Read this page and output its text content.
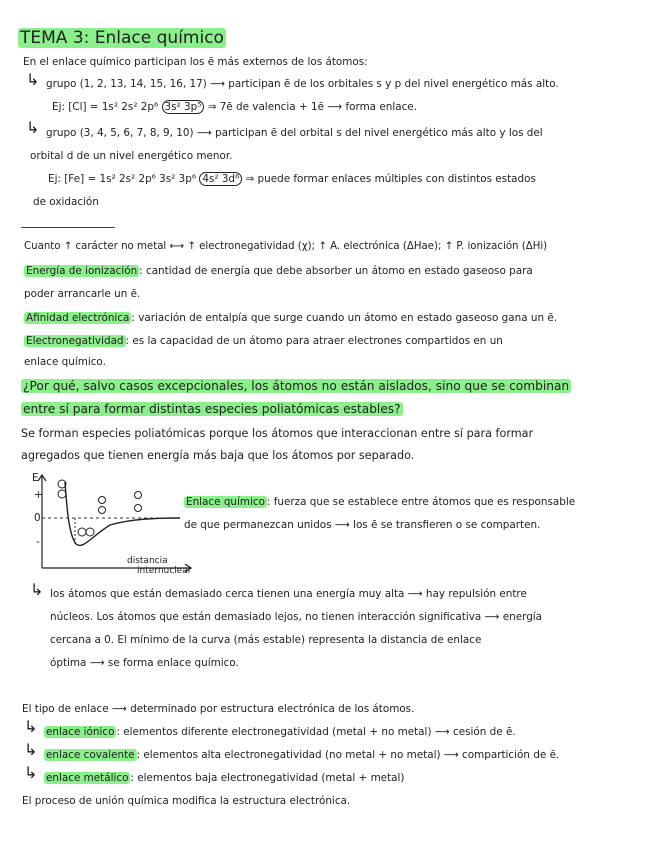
TEMA 3: Enlace químico
En el enlace químico participan los ē más externos de los átomos:
↳ grupo (1, 2, 13, 14, 15, 16, 17) ⟶ participan ē de los orbitales s y p del nivel energético más alto.
Ej: [Cl] = 1s² 2s² 2p⁶ 3s² 3p⁵ ⇒ 7ē de valencia + 1ē ⟶ forma enlace.
↳ grupo (3, 4, 5, 6, 7, 8, 9, 10) ⟶ participan ē del orbital s del nivel energético más alto y los del
orbital d de un nivel energético menor.
Ej: [Fe] = 1s² 2s² 2p⁶ 3s² 3p⁶ 4s² 3d⁶ ⇒ puede formar enlaces múltiples con distintos estados
de oxidación
Cuanto ↑ carácter no metal ⟷ ↑ electronegatividad (χ); ↑ A. electrónica (ΔHae); ↑ P. ionización (ΔHi)
Energía de ionización : cantidad de energía que debe absorber un átomo en estado gaseoso para
poder arrancarle un ē.
Afinidad electrónica : variación de entalpía que surge cuando un átomo en estado gaseoso gana un ē.
Electronegatividad : es la capacidad de un átomo para atraer electrones compartidos en un
enlace químico.
¿Por qué, salvo casos excepcionales, los átomos no están aislados, sino que se combinan
entre sí para formar distintas especies poliatómicas estables?
Se forman especies poliatómicas porque los átomos que interaccionan entre sí para formar
agregados que tienen energía más baja que los átomos por separado.
E
+
0
-
distancia
internuclear
Enlace químico : fuerza que se establece entre átomos que es responsable
de que permanezcan unidos ⟶ los ē se transfieren o se comparten.
↳ los átomos que están demasiado cerca tienen una energía muy alta ⟶ hay repulsión entre
núcleos. Los átomos que están demasiado lejos, no tienen interacción significativa ⟶ energía
cercana a 0. El mínimo de la curva (más estable) representa la distancia de enlace
óptima ⟶ se forma enlace químico.
El tipo de enlace ⟶ determinado por estructura electrónica de los átomos.
↳ enlace iónico : elementos diferente electronegatividad (metal + no metal) ⟶ cesión de ē.
↳ enlace covalente : elementos alta electronegatividad (no metal + no metal) ⟶ compartición de ē.
↳ enlace metálico : elementos baja electronegatividad (metal + metal)
El proceso de unión química modifica la estructura electrónica.
